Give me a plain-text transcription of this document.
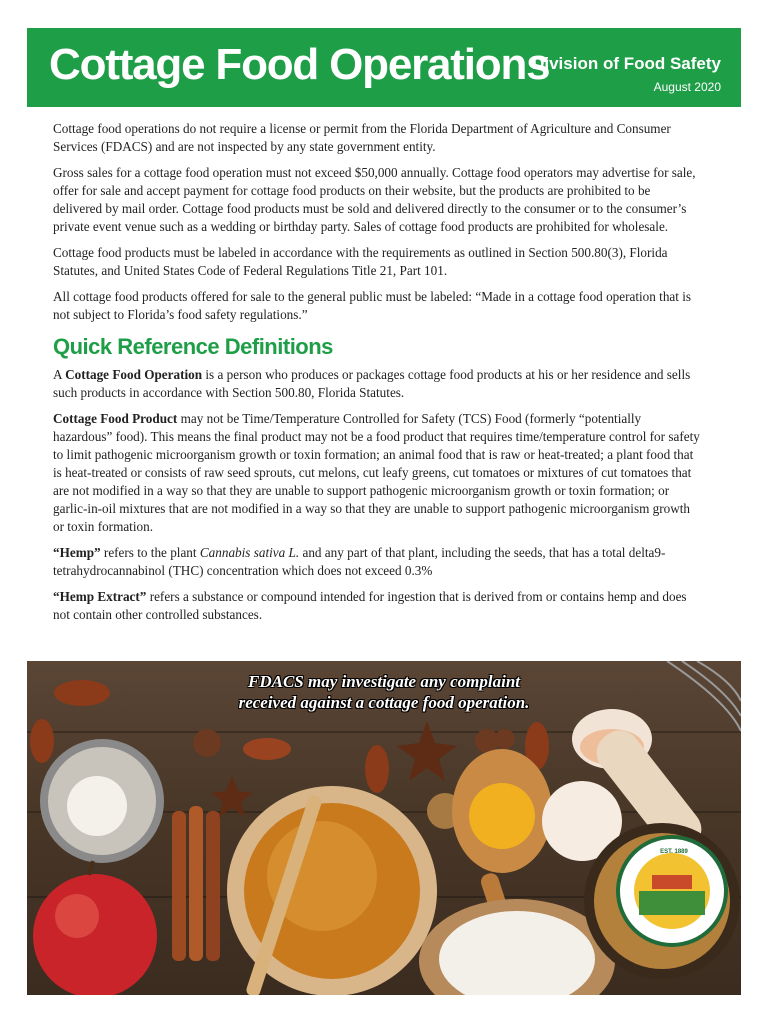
Cottage Food Operations
Division of Food Safety
August 2020

Cottage food operations do not require a license or permit from the Florida Department of Agriculture and Consumer Services (FDACS) and are not inspected by any state government entity.

Gross sales for a cottage food operation must not exceed $50,000 annually. Cottage food operators may advertise for sale, offer for sale and accept payment for cottage food products on their website, but the products are prohibited to be delivered by mail order. Cottage food products must be sold and delivered directly to the consumer or to the consumer’s private event venue such as a wedding or birthday party. Sales of cottage food products are prohibited for wholesale.

Cottage food products must be labeled in accordance with the requirements as outlined in Section 500.80(3), Florida Statutes, and United States Code of Federal Regulations Title 21, Part 101.

All cottage food products offered for sale to the general public must be labeled: “Made in a cottage food operation that is not subject to Florida’s food safety regulations.”

Quick Reference Definitions

A Cottage Food Operation is a person who produces or packages cottage food products at his or her residence and sells such products in accordance with Section 500.80, Florida Statutes.

Cottage Food Product may not be Time/Temperature Controlled for Safety (TCS) Food (formerly “potentially hazardous” food). This means the final product may not be a food product that requires time/temperature control for safety to limit pathogenic microorganism growth or toxin formation; an animal food that is raw or heat-treated; a plant food that is heat-treated or consists of raw seed sprouts, cut melons, cut leafy greens, cut tomatoes or mixtures of cut tomatoes that are not modified in a way so that they are unable to support pathogenic microorganism growth or toxin formation; or garlic-in-oil mixtures that are not modified in a way so that they are unable to support pathogenic microorganism growth or toxin formation.

“Hemp” refers to the plant Cannabis sativa L. and any part of that plant, including the seeds, that has a total delta9-tetrahydrocannabinol (THC) concentration which does not exceed 0.3%

“Hemp Extract” refers a substance or compound intended for ingestion that is derived from or contains hemp and does not contain other controlled substances.

EST. 1889
FDACS may investigate any complaint
received against a cottage food operation.
